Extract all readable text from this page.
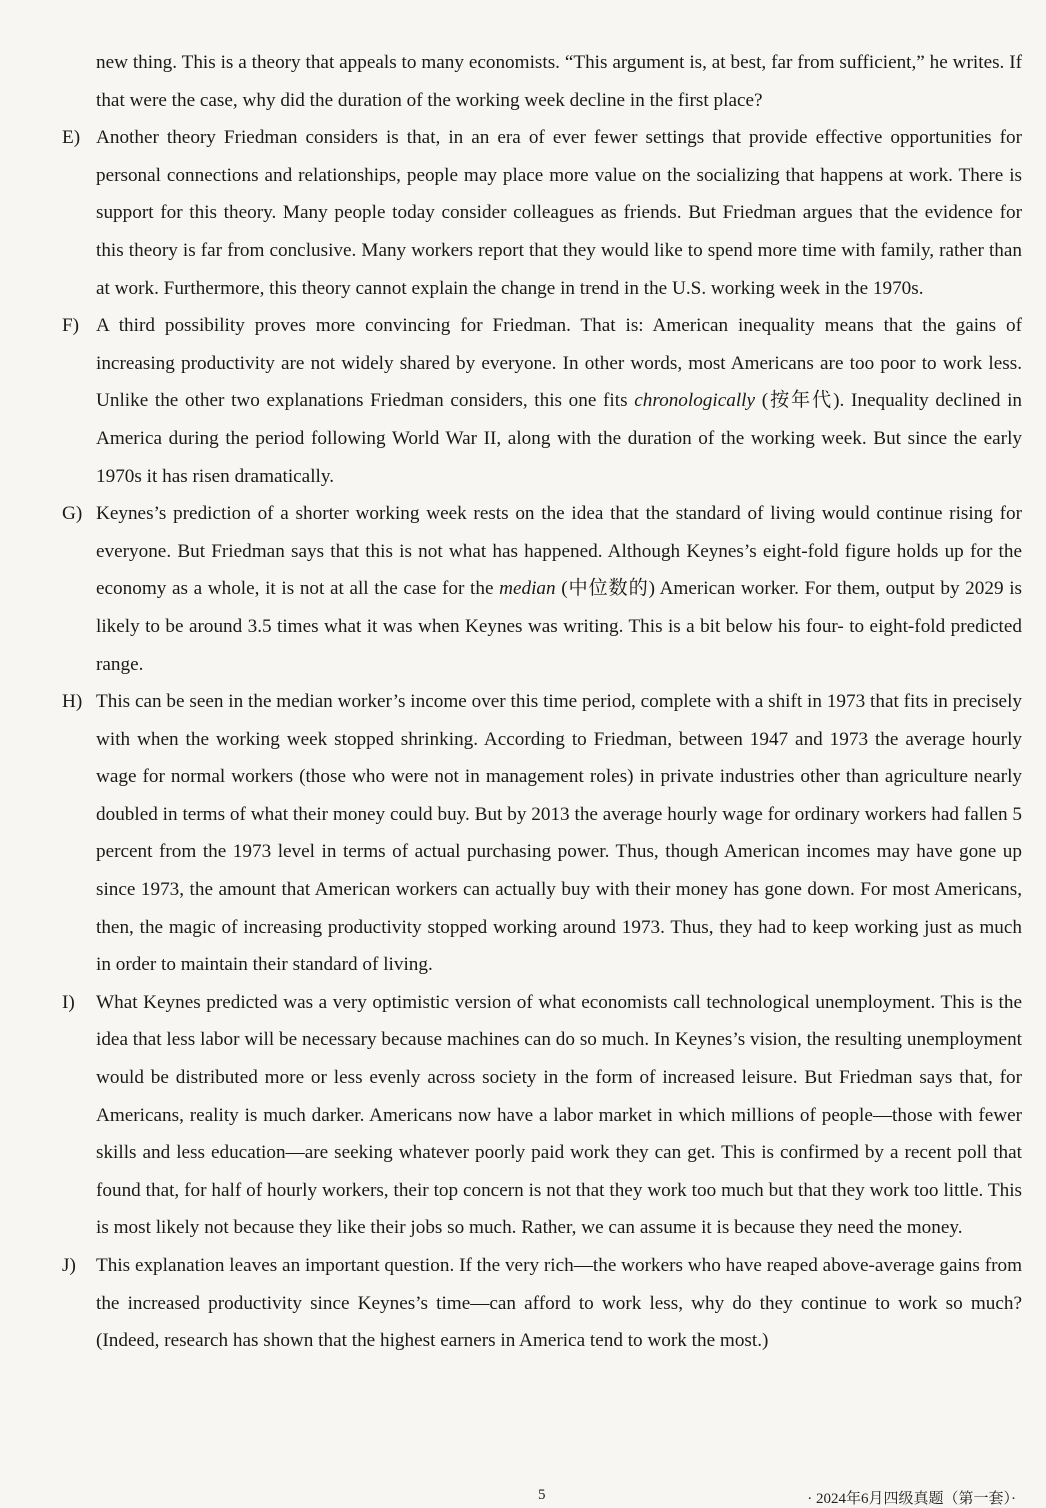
new thing. This is a theory that appeals to many economists. “This argument is, at best, far from sufficient,” he writes. If that were the case, why did the duration of the working week decline in the first place?

E) Another theory Friedman considers is that, in an era of ever fewer settings that provide effective opportunities for personal connections and relationships, people may place more value on the socializing that happens at work. There is support for this theory. Many people today consider colleagues as friends. But Friedman argues that the evidence for this theory is far from conclusive. Many workers report that they would like to spend more time with family, rather than at work. Furthermore, this theory cannot explain the change in trend in the U.S. working week in the 1970s.

F) A third possibility proves more convincing for Friedman. That is: American inequality means that the gains of increasing productivity are not widely shared by everyone. In other words, most Americans are too poor to work less. Unlike the other two explanations Friedman considers, this one fits chronologically (按年代). Inequality declined in America during the period following World War II, along with the duration of the working week. But since the early 1970s it has risen dramatically.

G) Keynes’s prediction of a shorter working week rests on the idea that the standard of living would continue rising for everyone. But Friedman says that this is not what has happened. Although Keynes’s eight-fold figure holds up for the economy as a whole, it is not at all the case for the median (中位数的) American worker. For them, output by 2029 is likely to be around 3.5 times what it was when Keynes was writing. This is a bit below his four- to eight-fold predicted range.

H) This can be seen in the median worker’s income over this time period, complete with a shift in 1973 that fits in precisely with when the working week stopped shrinking. According to Friedman, between 1947 and 1973 the average hourly wage for normal workers (those who were not in management roles) in private industries other than agriculture nearly doubled in terms of what their money could buy. But by 2013 the average hourly wage for ordinary workers had fallen 5 percent from the 1973 level in terms of actual purchasing power. Thus, though American incomes may have gone up since 1973, the amount that American workers can actually buy with their money has gone down. For most Americans, then, the magic of increasing productivity stopped working around 1973. Thus, they had to keep working just as much in order to maintain their standard of living.

I) What Keynes predicted was a very optimistic version of what economists call technological unemployment. This is the idea that less labor will be necessary because machines can do so much. In Keynes’s vision, the resulting unemployment would be distributed more or less evenly across society in the form of increased leisure. But Friedman says that, for Americans, reality is much darker. Americans now have a labor market in which millions of people—those with fewer skills and less education—are seeking whatever poorly paid work they can get. This is confirmed by a recent poll that found that, for half of hourly workers, their top concern is not that they work too much but that they work too little. This is most likely not because they like their jobs so much. Rather, we can assume it is because they need the money.

J) This explanation leaves an important question. If the very rich—the workers who have reaped above-average gains from the increased productivity since Keynes’s time—can afford to work less, why do they continue to work so much? (Indeed, research has shown that the highest earners in America tend to work the most.)

5	· 2024年6月四级真题（第一套）·
